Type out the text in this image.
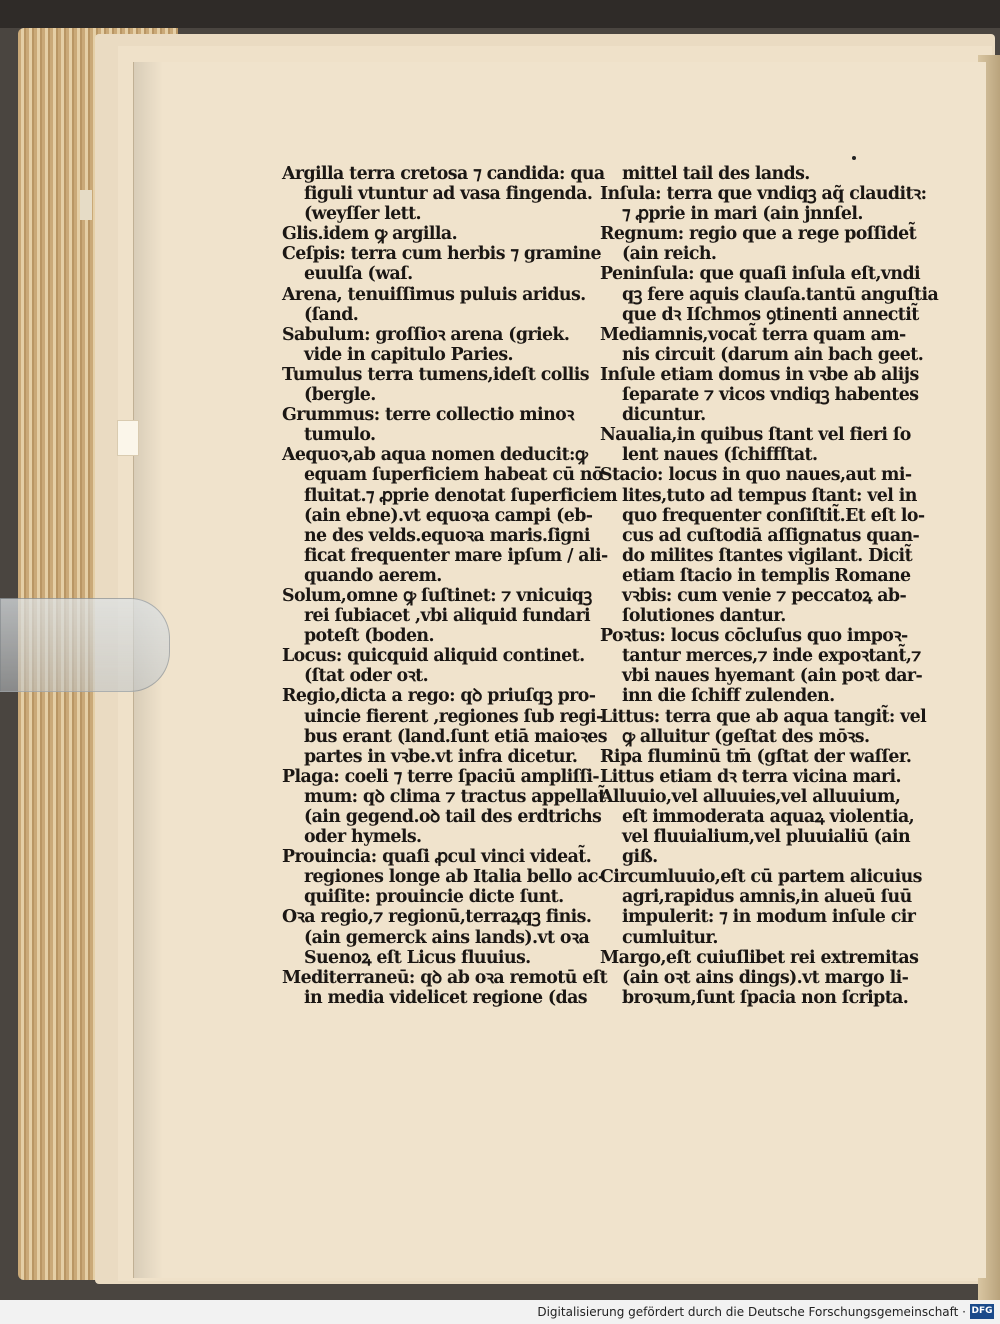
Argilla terra cretosa ⁊ candida: qua
figuli vtuntur ad vasa fingenda.
(weyſſer lett.
Glis.idem ꝙ argilla.
Ceſpis: terra cum herbis ⁊ gramine
euulſa (waſ.
Arena, tenuiſſimus puluis aridus.
(ſand.
Sabulum: groſſioꝛ arena (griek.
vide in capitulo Paries.
Tumulus terra tumens,ideſt collis
(bergle.
Grummus: terre collectio minoꝛ
tumulo.
Aequoꝛ,ab aqua nomen deducit:ꝙ
equam ſuperficiem habeat cū nō
fluitat.⁊ ꝓprie denotat ſuperficiem
(ain ebne).vt equoꝛa campi (eb-
ne des velds.equoꝛa maris.ſigni
ficat frequenter mare ipſum / ali-
quando aerem.
Solum,omne ꝙ ſuſtinet: ⁊ vnicuiqꝫ
rei ſubiacet ,vbi aliquid fundari
poteſt (boden.
Locus: quicquid aliquid continet.
(ſtat oder oꝛt.
Regio,dicta a rego: qꝺ priuſqꝫ pro-
uincie fierent ,regiones ſub regi-
bus erant (land.ſunt etiā maioꝛes
partes in vꝛbe.vt infra dicetur.
Plaga: coeli ⁊ terre ſpaciū ampliſſi-
mum: qꝺ clima ⁊ tractus appellat̃
(ain gegend.oꝺ tail des erdtrichs
oder hymels.
Prouincia: quaſi ꝓcul vinci videat̃.
regiones longe ab Italia bello ac-
quiſite: prouincie dicte ſunt.
Oꝛa regio,⁊ regionū,terraꝝqꝫ finis.
(ain gemerck ains lands).vt oꝛa
Suenoꝝ eſt Licus fluuius.
Mediterraneū: qꝺ ab oꝛa remotū eſt
in media videlicet regione (das
mittel tail des lands.
Inſula: terra que vndiqꝫ aq̃ clauditꝛ:
⁊ ꝓprie in mari (ain jnnſel.
Regnum: regio que a rege poſſidet̃
(ain reich.
Peninſula: que quaſi inſula eſt,vndi
qꝫ fere aquis clauſa.tantū anguſtia
que dꝛ Iſchmos ꝯtinenti annectit̃
Mediamnis,vocat̃ terra quam am-
nis circuit (darum ain bach geet.
Inſule etiam domus in vꝛbe ab alijs
ſeparate ⁊ vicos vndiqꝫ habentes
dicuntur.
Naualia,in quibus ſtant vel fieri ſo
lent naues (ſchiffſtat.
Stacio: locus in quo naues,aut mi-
lites,tuto ad tempus ſtant: vel in
quo frequenter conſiſtit̃.Et eſt lo-
cus ad cuſtodiā aſſignatus quan-
do milites ſtantes vigilant. Dicit̃
etiam ſtacio in templis Romane
vꝛbis: cum venie ⁊ peccatoꝝ ab-
ſolutiones dantur.
Poꝛtus: locus cōcluſus quo impoꝛ-
tantur merces,⁊ inde expoꝛtant̃,⁊
vbi naues hyemant (ain poꝛt dar-
inn die ſchiff zulenden.
Littus: terra que ab aqua tangit̃: vel
ꝙ alluitur (geſtat des mōꝛs.
Ripa fluminū tm̄ (gſtat der waſſer.
Littus etiam dꝛ terra vicina mari.
Alluuio,vel alluuies,vel alluuium,
eſt immoderata aquaꝝ violentia,
vel fluuialium,vel pluuialiū (ain
giß.
Circumluuio,eſt cū partem alicuius
agri,rapidus amnis,in alueū ſuū
impulerit: ⁊ in modum inſule cir
cumluitur.
Margo,eſt cuiuſlibet rei extremitas
(ain oꝛt ains dings).vt margo li-
broꝛum,ſunt ſpacia non ſcripta.
Digitalisierung gefördert durch die Deutsche Forschungsgemeinschaft · DFG
